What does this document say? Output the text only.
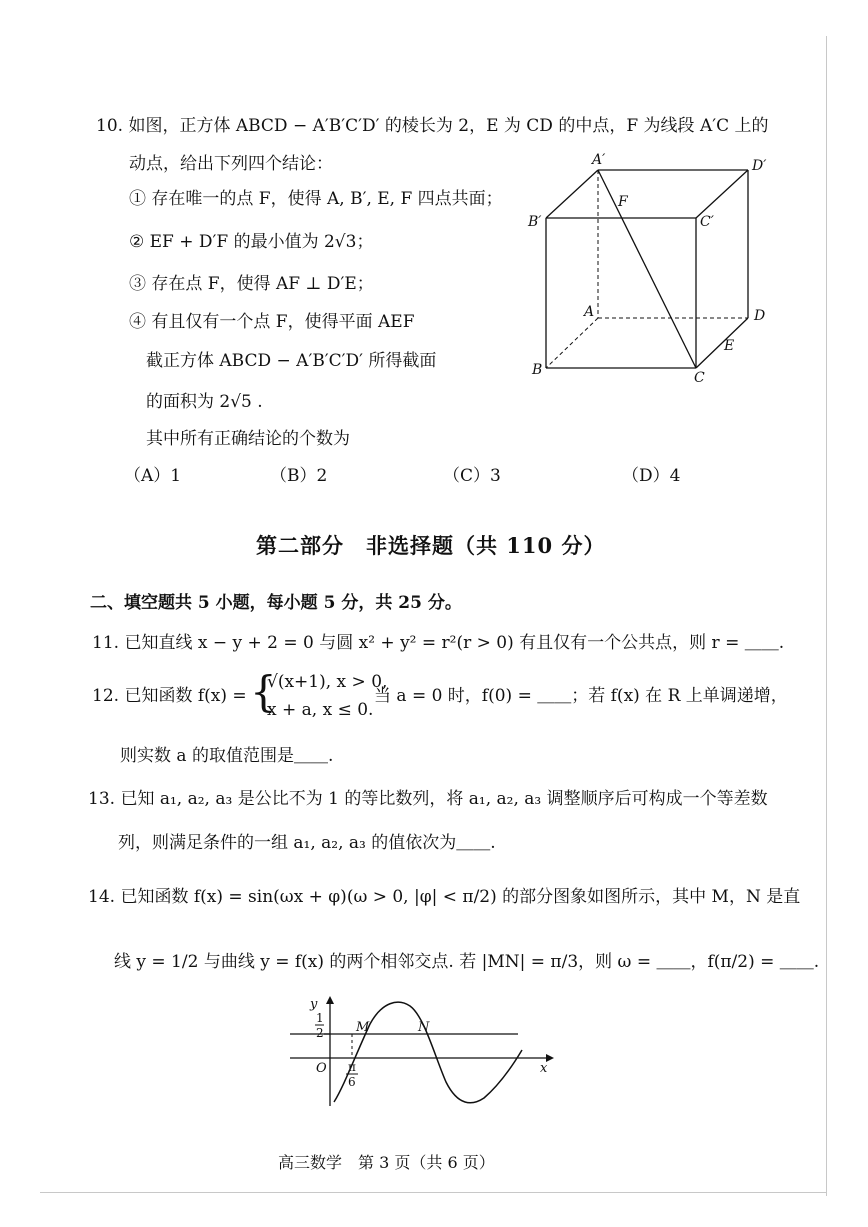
10. 如图，正方体 ABCD − A′B′C′D′ 的棱长为 2，E 为 CD 的中点，F 为线段 A′C 上的
动点，给出下列四个结论：
① 存在唯一的点 F，使得 A, B′, E, F 四点共面；
② EF + D′F 的最小值为 2√3；
③ 存在点 F，使得 AF ⊥ D′E；
④ 有且仅有一个点 F，使得平面 AEF
截正方体 ABCD − A′B′C′D′ 所得截面
的面积为 2√5 .
其中所有正确结论的个数为
（A）1	（B）2	（C）3	（D）4
A′	D′
B′	C′
F
A	D
E
B	C
第二部分　非选择题（共 110 分）
二、填空题共 5 小题，每小题 5 分，共 25 分。
11. 已知直线 x − y + 2 = 0 与圆 x² + y² = r²(r > 0) 有且仅有一个公共点，则 r = ＿＿.
12. 已知函数 f(x) = {
√(x+1), x > 0,
x + a, x ≤ 0.
当 a = 0 时，f(0) = ＿＿；若 f(x) 在 R 上单调递增，
则实数 a 的取值范围是＿＿.
13. 已知 a₁, a₂, a₃ 是公比不为 1 的等比数列，将 a₁, a₂, a₃ 调整顺序后可构成一个等差数
列，则满足条件的一组 a₁, a₂, a₃ 的值依次为＿＿.
14. 已知函数 f(x) = sin(ωx + φ)(ω > 0, |φ| < π/2) 的部分图象如图所示，其中 M，N 是直
线 y = 1/2 与曲线 y = f(x) 的两个相邻交点. 若 |MN| = π/3，则 ω = ＿＿，f(π/2) = ＿＿.
y
1
2
O
M	N
π
6
x
高三数学　第 3 页（共 6 页）
